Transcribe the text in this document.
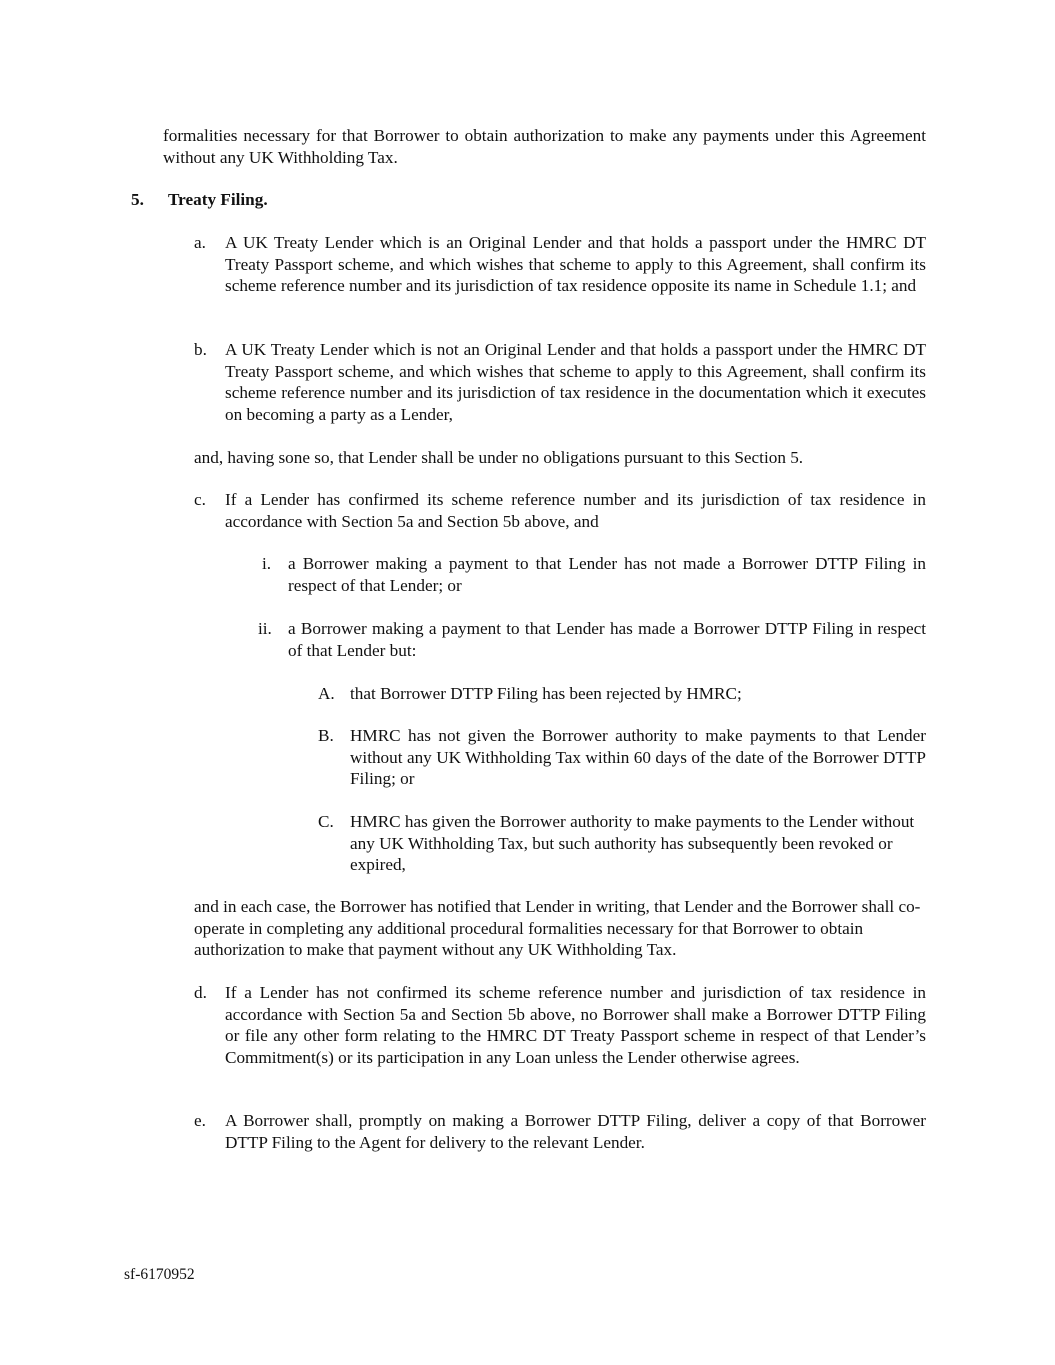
formalities necessary for that Borrower to obtain authorization to make any payments under this Agreement without any UK Withholding Tax.

5. Treaty Filing.
a. A UK Treaty Lender which is an Original Lender and that holds a passport under the HMRC DT Treaty Passport scheme, and which wishes that scheme to apply to this Agreement, shall confirm its scheme reference number and its jurisdiction of tax residence opposite its name in Schedule 1.1; and

b. A UK Treaty Lender which is not an Original Lender and that holds a passport under the HMRC DT Treaty Passport scheme, and which wishes that scheme to apply to this Agreement, shall confirm its scheme reference number and its jurisdiction of tax residence in the documentation which it executes on becoming a party as a Lender,

and, having sone so, that Lender shall be under no obligations pursuant to this Section 5.

c. If a Lender has confirmed its scheme reference number and its jurisdiction of tax residence in accordance with Section 5a and Section 5b above, and

i. a Borrower making a payment to that Lender has not made a Borrower DTTP Filing in respect of that Lender; or

ii. a Borrower making a payment to that Lender has made a Borrower DTTP Filing in respect of that Lender but:

A. that Borrower DTTP Filing has been rejected by HMRC;

B. HMRC has not given the Borrower authority to make payments to that Lender without any UK Withholding Tax within 60 days of the date of the Borrower DTTP Filing; or

C. HMRC has given the Borrower authority to make payments to the Lender without any UK Withholding Tax, but such authority has subsequently been revoked or expired,

and in each case, the Borrower has notified that Lender in writing, that Lender and the Borrower shall co-operate in completing any additional procedural formalities necessary for that Borrower to obtain authorization to make that payment without any UK Withholding Tax.

d. If a Lender has not confirmed its scheme reference number and jurisdiction of tax residence in accordance with Section 5a and Section 5b above, no Borrower shall make a Borrower DTTP Filing or file any other form relating to the HMRC DT Treaty Passport scheme in respect of that Lender’s Commitment(s) or its participation in any Loan unless the Lender otherwise agrees.

e. A Borrower shall, promptly on making a Borrower DTTP Filing, deliver a copy of that Borrower DTTP Filing to the Agent for delivery to the relevant Lender.

sf-6170952
